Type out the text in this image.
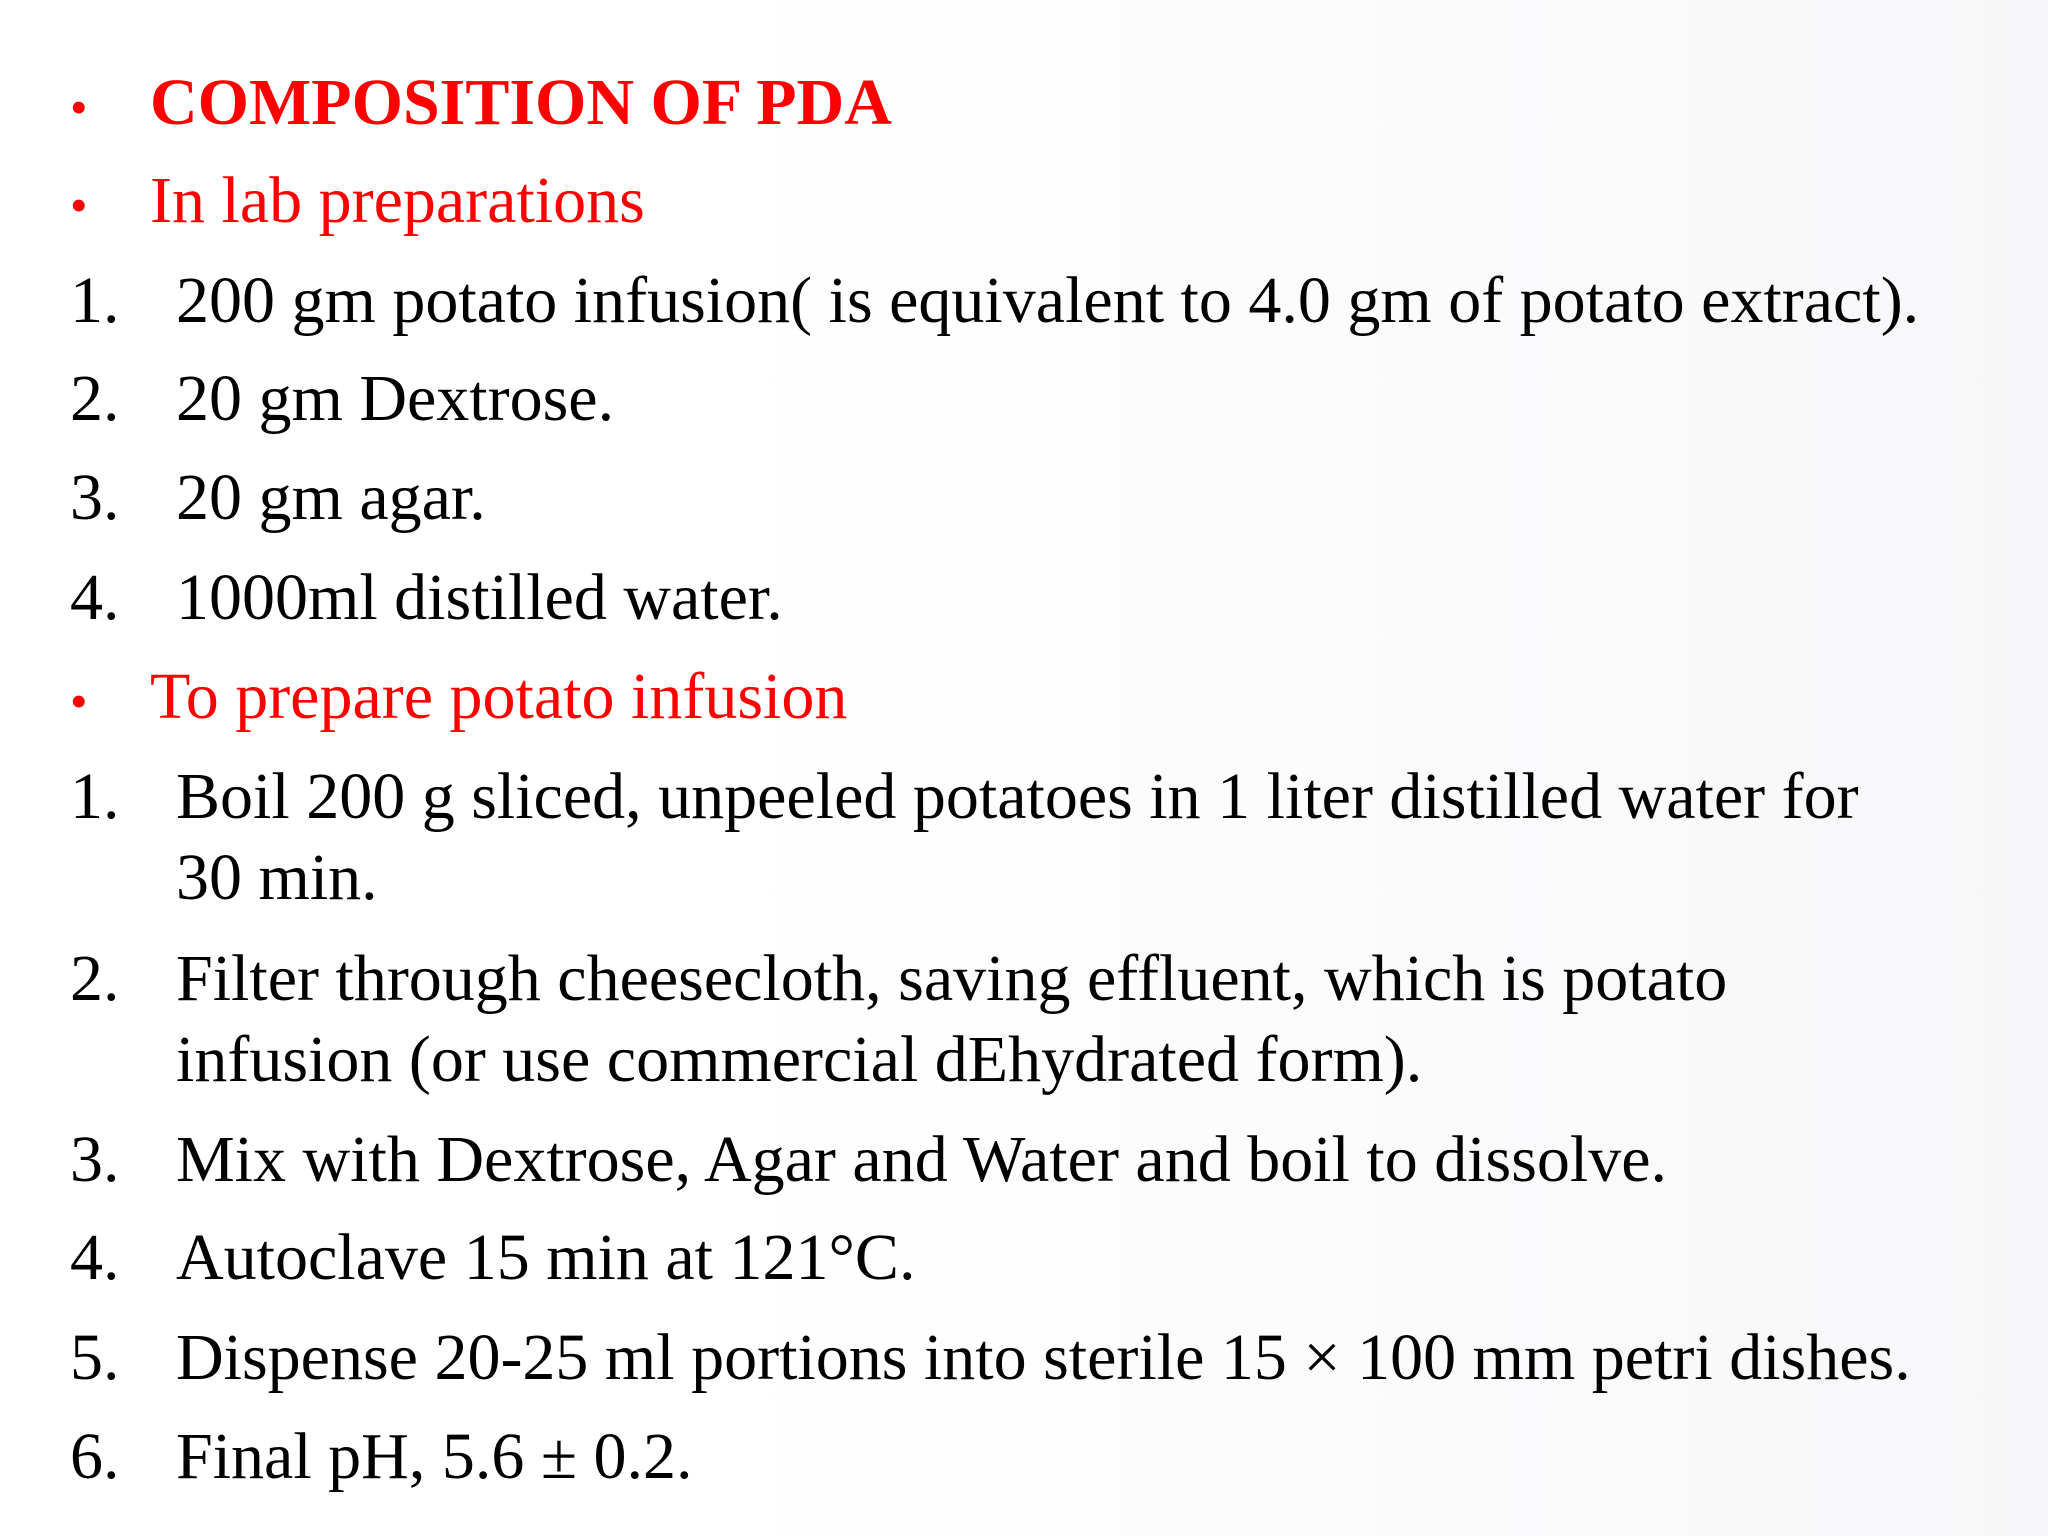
• COMPOSITION OF PDA
• In lab preparations
1. 200 gm potato infusion( is equivalent to 4.0 gm of potato extract).
2. 20 gm Dextrose.
3. 20 gm agar.
4. 1000ml distilled water.
• To prepare potato infusion
1. Boil 200 g sliced, unpeeled potatoes in 1 liter distilled water for
30 min.
2. Filter through cheesecloth, saving effluent, which is potato
infusion (or use commercial dEhydrated form).
3. Mix with Dextrose, Agar and Water and boil to dissolve.
4. Autoclave 15 min at 121°C.
5. Dispense 20-25 ml portions into sterile 15 × 100 mm petri dishes.
6. Final pH, 5.6 ± 0.2.
